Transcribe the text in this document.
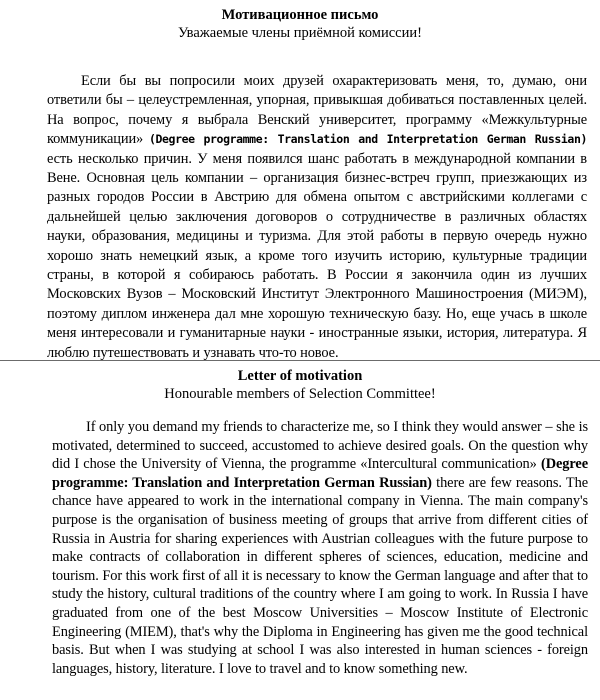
Мотивационное письмо

Уважаемые члены приёмной комиссии!

Если бы вы попросили моих друзей охарактеризовать меня, то, думаю, они ответили бы – целеустремленная, упорная, привыкшая добиваться поставленных целей. На вопрос, почему я выбрала Венский университет, программу «Межкультурные коммуникации» (Degree programme: Translation and Interpretation German Russian) есть несколько причин. У меня появился шанс работать в международной компании в Вене. Основная цель компании – организация бизнес-встреч групп, приезжающих из разных городов России в Австрию для обмена опытом с австрийскими коллегами с дальнейшей целью заключения договоров о сотрудничестве в различных областях науки, образования, медицины и туризма. Для этой работы в первую очередь нужно хорошо знать немецкий язык, а кроме того изучить историю, культурные традиции страны, в которой я собираюсь работать. В России я закончила один из лучших Московских Вузов – Московский Институт Электронного Машиностроения (МИЭМ), поэтому диплом инженера дал мне хорошую техническую базу. Но, еще учась в школе меня интересовали и гуманитарные науки - иностранные языки, история, литература. Я люблю путешествовать и узнавать что-то новое.

Letter of motivation

Honourable members of Selection Committee!

If only you demand my friends to characterize me, so I think they would answer – she is motivated, determined to succeed, accustomed to achieve desired goals. On the question why did I chose the University of Vienna, the programme «Intercultural communication» (Degree programme: Translation and Interpretation German Russian) there are few reasons. The chance have appeared to work in the international company in Vienna. The main company's purpose is the organisation of business meeting of groups that arrive from different cities of Russia in Austria for sharing experiences with Austrian colleagues with the future purpose to make contracts of collaboration in different spheres of sciences, education, medicine and tourism. For this work first of all it is necessary to know the German language and after that to study the history, cultural traditions of the country where I am going to work. In Russia I have graduated from one of the best Moscow Universities – Moscow Institute of Electronic Engineering (MIEM), that's why the Diploma in Engineering has given me the good technical basis. But when I was studying at school I was also interested in human sciences - foreign languages, history, literature. I love to travel and to know something new.
